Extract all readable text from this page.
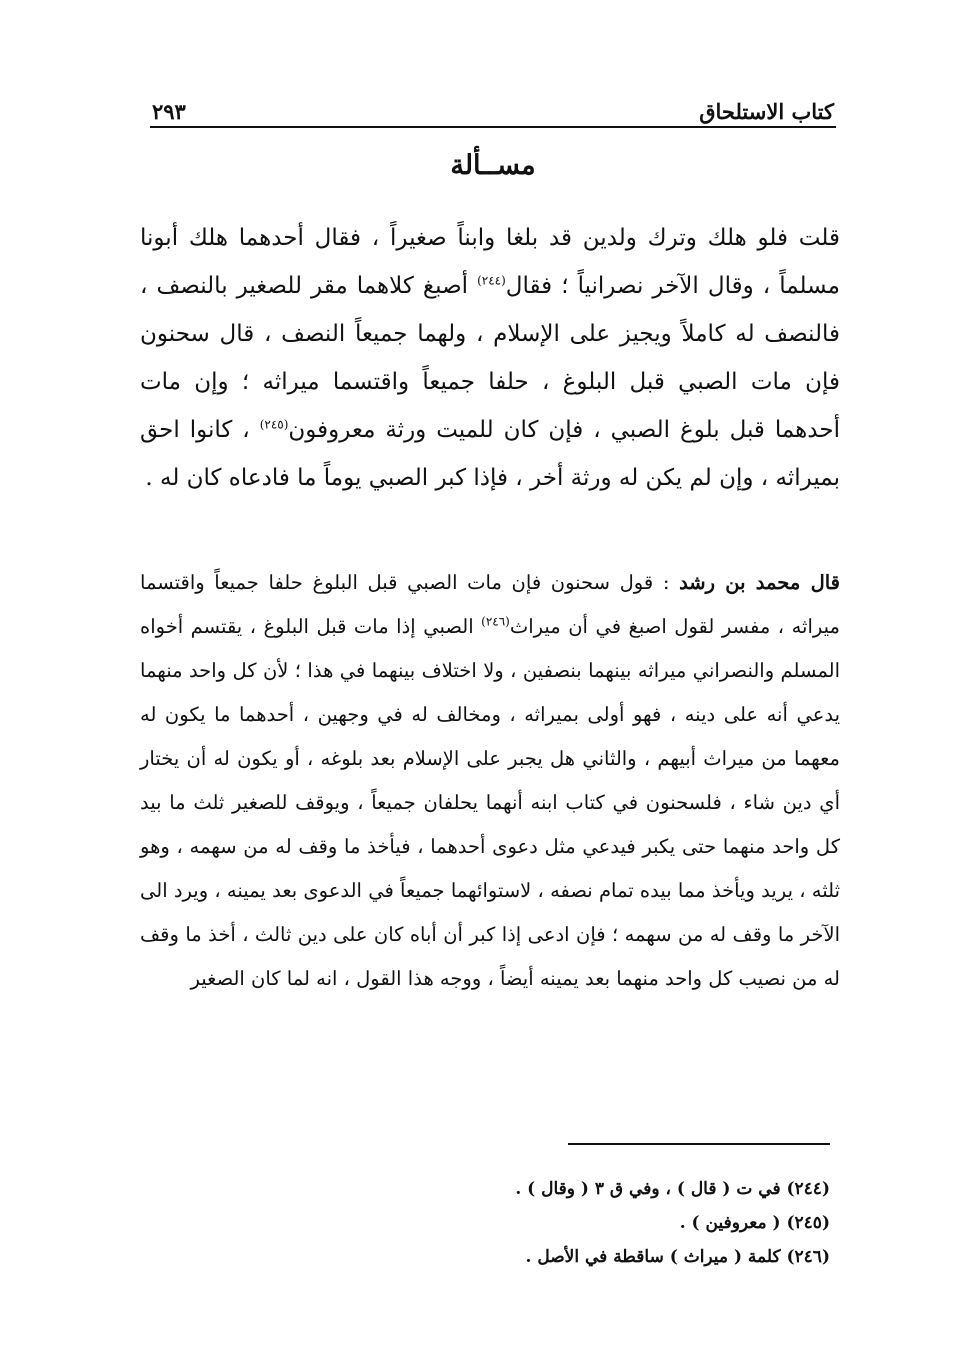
كتاب الاستلحاق
٢٩٣
مســألة

قلت فلو هلك وترك ولدين قد بلغا وابناً صغيراً ، فقال أحدهما هلك أبونا مسلماً ، وقال الآخر نصرانياً ؛ فقال$^{(٢٤٤)}$ أصبغ كلاهما مقر للصغير بالنصف ، فالنصف له كاملاً ويجيز على الإسلام ، ولهما جميعاً النصف ، قال سحنون فإن مات الصبي قبل البلوغ ، حلفا جميعاً واقتسما ميراثه ؛ وإن مات أحدهما قبل بلوغ الصبي ، فإن كان للميت ورثة معروفون$^{(٢٤٥)}$ ، كانوا احق بميراثه ، وإن لم يكن له ورثة أخر ، فإذا كبر الصبي يوماً ما فادعاه كان له .

قال محمد بن رشد : قول سحنون فإن مات الصبي قبل البلوغ حلفا جميعاً واقتسما ميراثه ، مفسر لقول اصبغ في أن ميراث$^{(٢٤٦)}$ الصبي إذا مات قبل البلوغ ، يقتسم أخواه المسلم والنصراني ميراثه بينهما بنصفين ، ولا اختلاف بينهما في هذا ؛ لأن كل واحد منهما يدعي أنه على دينه ، فهو أولى بميراثه ، ومخالف له في وجهين ، أحدهما ما يكون له معهما من ميراث أبيهم ، والثاني هل يجبر على الإسلام بعد بلوغه ، أو يكون له أن يختار أي دين شاء ، فلسحنون في كتاب ابنه أنهما يحلفان جميعاً ، ويوقف للصغير ثلث ما بيد كل واحد منهما حتى يكبر فيدعي مثل دعوى أحدهما ، فيأخذ ما وقف له من سهمه ، وهو ثلثه ، يريد ويأخذ مما بيده تمام نصفه ، لاستوائهما جميعاً في الدعوى بعد يمينه ، ويرد الى الآخر ما وقف له من سهمه ؛ فإن ادعى إذا كبر أن أباه كان على دين ثالث ، أخذ ما وقف له من نصيب كل واحد منهما بعد يمينه أيضاً ، ووجه هذا القول ، انه لما كان الصغير

(٢٤٤) في ت ( قال ) ، وفي ق ٣ ( وقال ) .
(٢٤٥) ( معروفين ) .
(٢٤٦) كلمة ( ميراث ) ساقطة في الأصل .
